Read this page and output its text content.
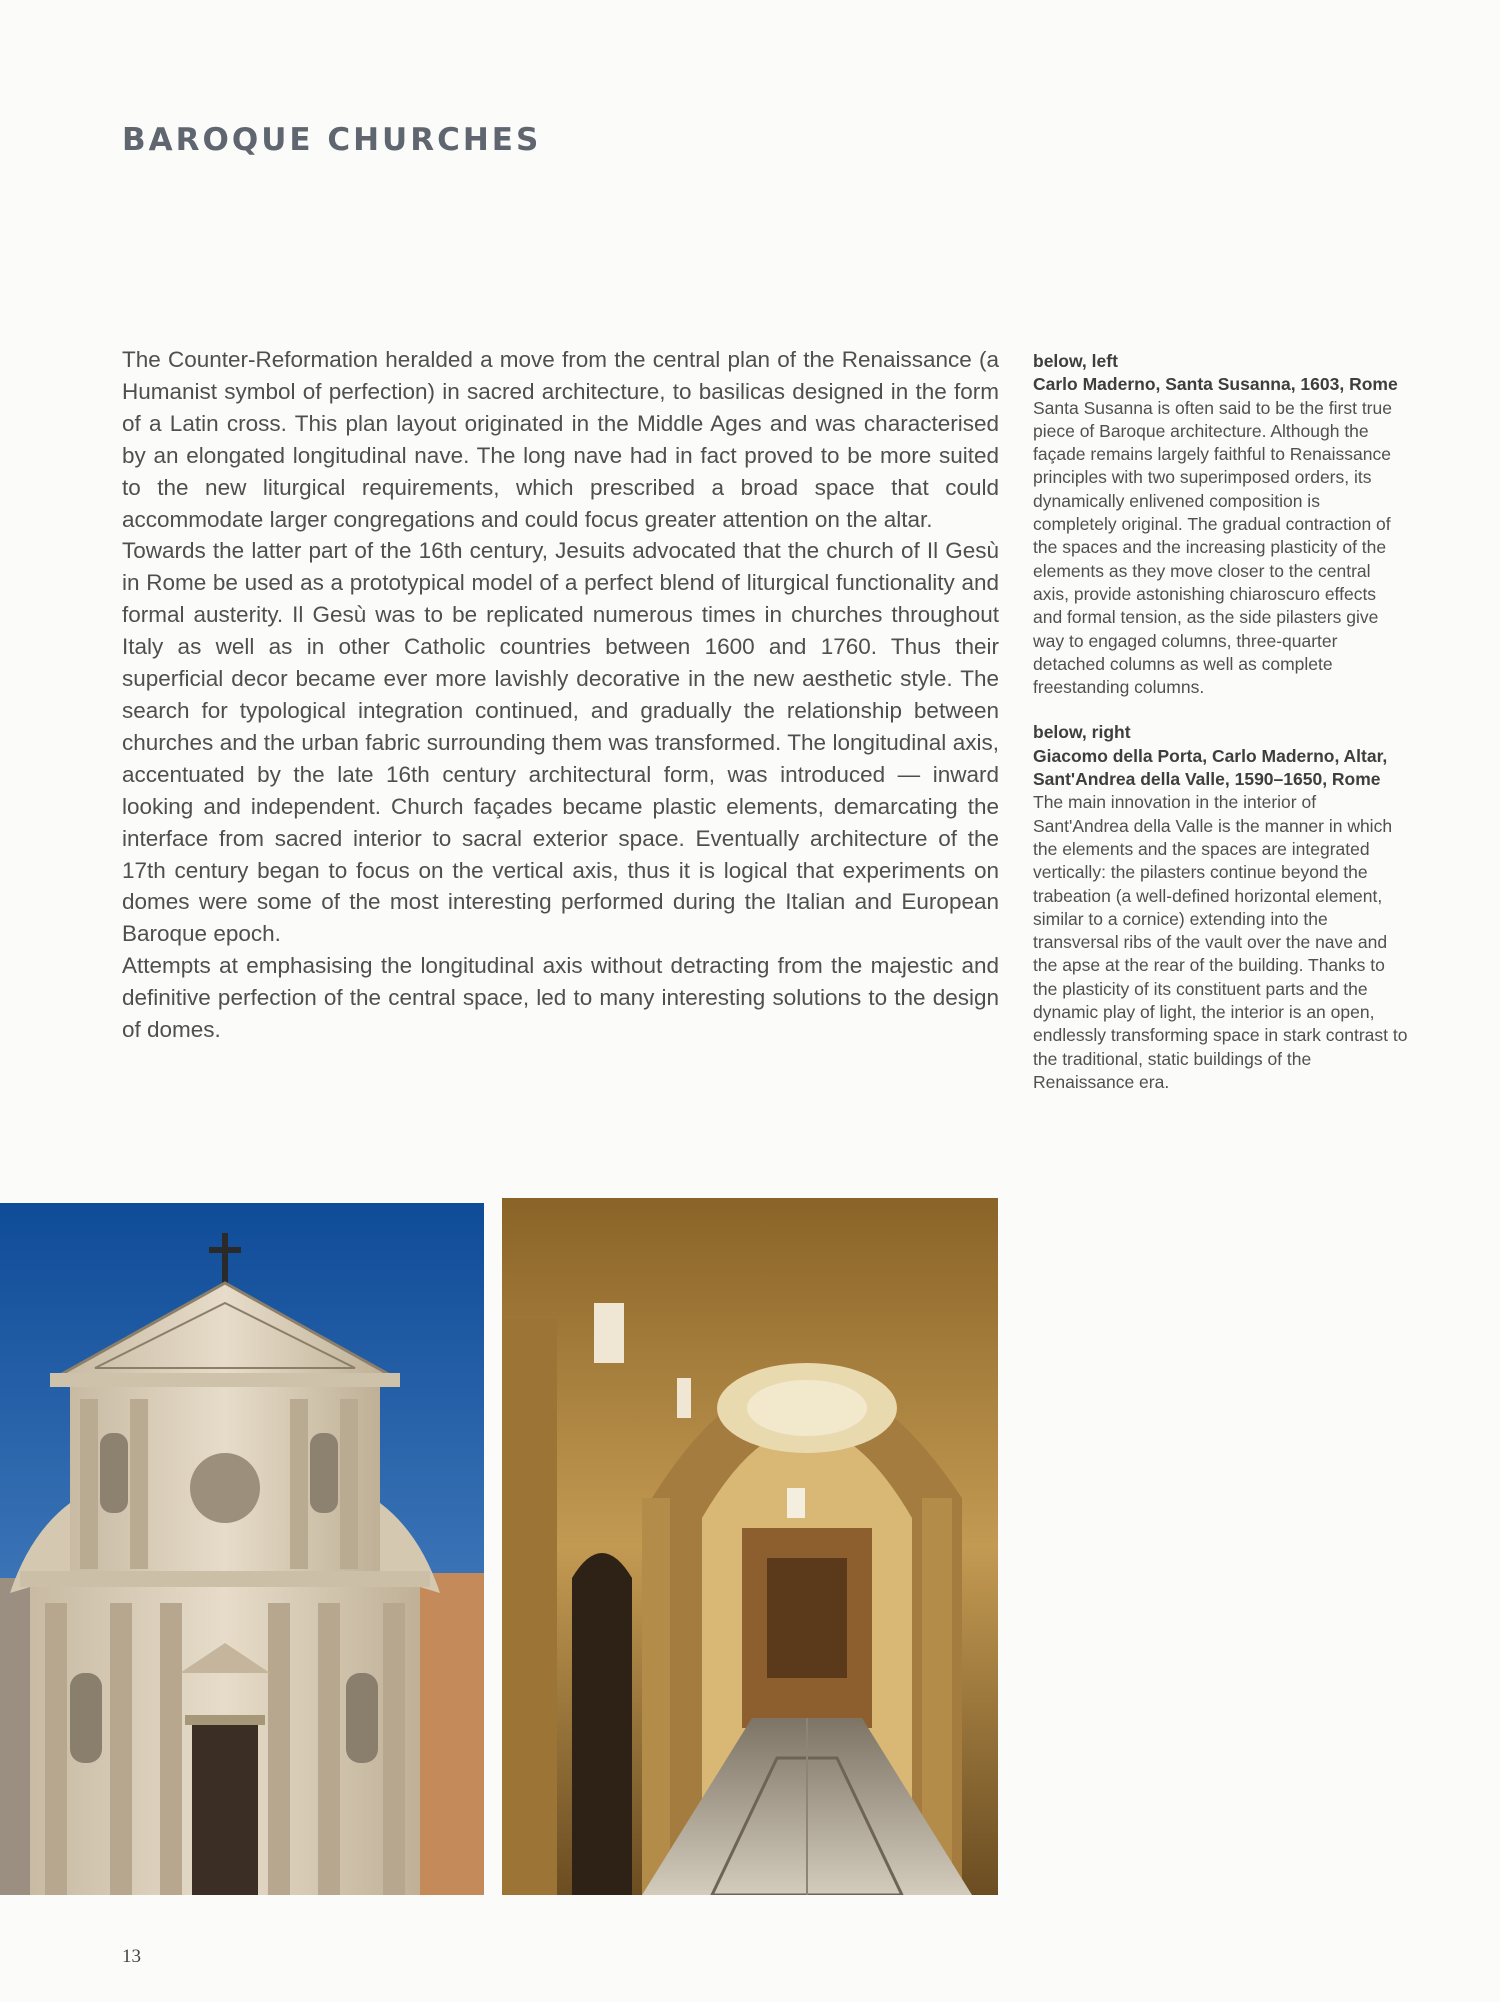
BAROQUE CHURCHES

The Counter-Reformation heralded a move from the central plan of the Renaissance (a Humanist symbol of perfection) in sacred architecture, to basilicas designed in the form of a Latin cross. This plan layout originated in the Middle Ages and was characterised by an elongated longitudinal nave. The long nave had in fact proved to be more suited to the new liturgical requirements, which prescribed a broad space that could accommodate larger congregations and could focus greater attention on the altar.

Towards the latter part of the 16th century, Jesuits advocated that the church of Il Gesù in Rome be used as a prototypical model of a perfect blend of liturgical functionality and formal austerity. Il Gesù was to be replicated numerous times in churches throughout Italy as well as in other Catholic countries between 1600 and 1760. Thus their superficial decor became ever more lavishly decorative in the new aesthetic style. The search for typological integration continued, and gradually the relationship between churches and the urban fabric surrounding them was transformed. The longitudinal axis, accentuated by the late 16th century architectural form, was introduced — inward looking and independent. Church façades became plastic elements, demarcating the interface from sacred interior to sacral exterior space. Eventually architecture of the 17th century began to focus on the vertical axis, thus it is logical that experiments on domes were some of the most interesting performed during the Italian and European Baroque epoch.

Attempts at emphasising the longitudinal axis without detracting from the majestic and definitive perfection of the central space, led to many interesting solutions to the design of domes.

below, left
Carlo Maderno, Santa Susanna, 1603, Rome

Santa Susanna is often said to be the first true piece of Baroque architecture. Although the façade remains largely faithful to Renaissance principles with two superimposed orders, its dynamically enlivened composition is completely original. The gradual contraction of the spaces and the increasing plasticity of the elements as they move closer to the central axis, provide astonishing chiaroscuro effects and formal tension, as the side pilasters give way to engaged columns, three-quarter detached columns as well as complete freestanding columns.

below, right
Giacomo della Porta, Carlo Maderno, Altar, Sant'Andrea della Valle, 1590–1650, Rome

The main innovation in the interior of Sant'Andrea della Valle is the manner in which the elements and the spaces are integrated vertically: the pilasters continue beyond the trabeation (a well-defined horizontal element, similar to a cornice) extending into the transversal ribs of the vault over the nave and the apse at the rear of the building. Thanks to the plasticity of its constituent parts and the dynamic play of light, the interior is an open, endlessly transforming space in stark contrast to the traditional, static buildings of the Renaissance era.

13
